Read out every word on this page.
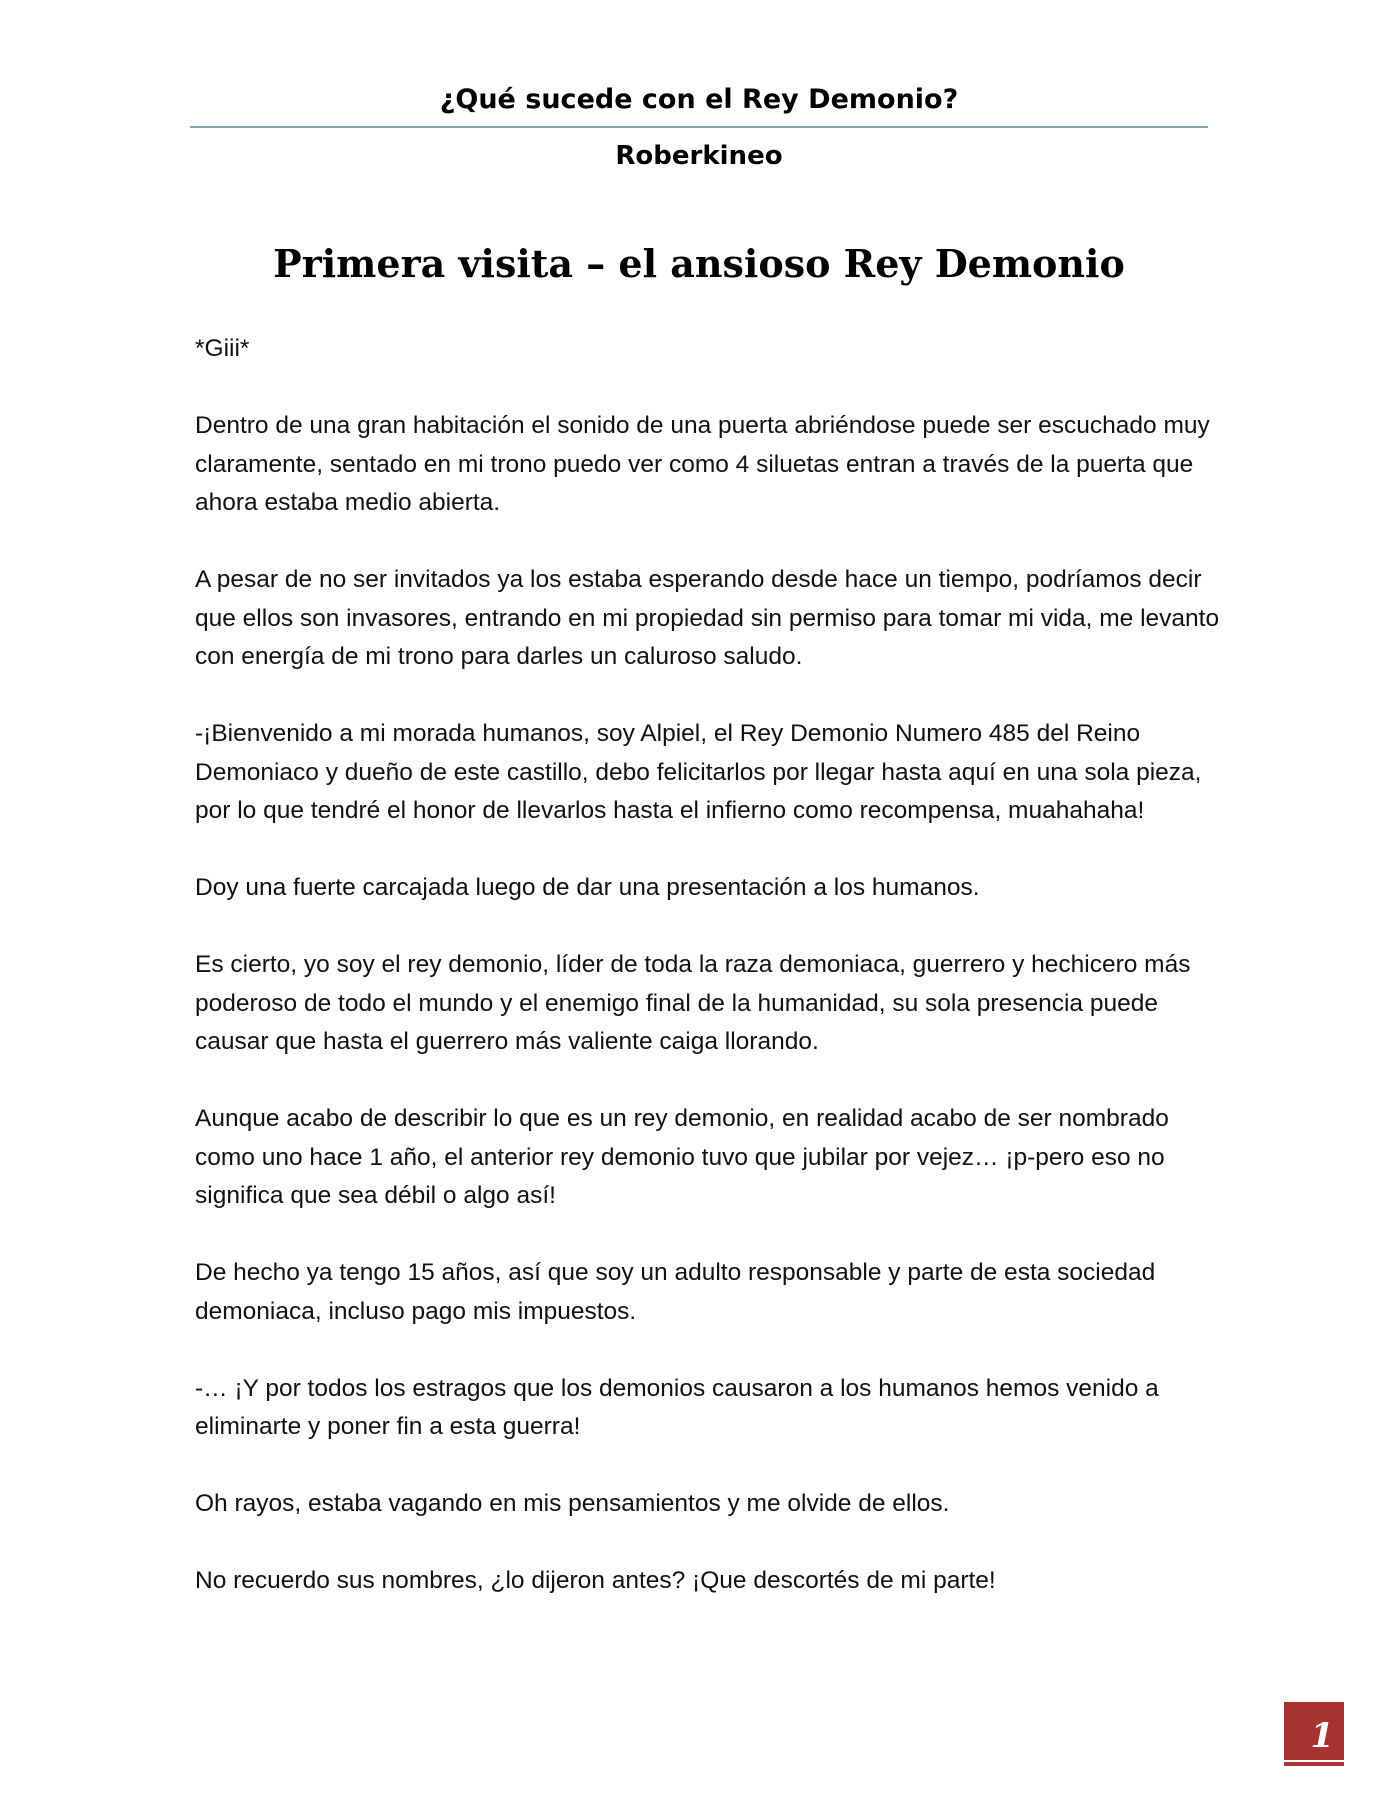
¿Qué sucede con el Rey Demonio?
Roberkineo
Primera visita – el ansioso Rey Demonio

*Giii*

Dentro de una gran habitación el sonido de una puerta abriéndose puede ser escuchado muy claramente, sentado en mi trono puedo ver como 4 siluetas entran a través de la puerta que ahora estaba medio abierta.

A pesar de no ser invitados ya los estaba esperando desde hace un tiempo, podríamos decir que ellos son invasores, entrando en mi propiedad sin permiso para tomar mi vida, me levanto con energía de mi trono para darles un caluroso saludo.

-¡Bienvenido a mi morada humanos, soy Alpiel, el Rey Demonio Numero 485 del Reino Demoniaco y dueño de este castillo, debo felicitarlos por llegar hasta aquí en una sola pieza, por lo que tendré el honor de llevarlos hasta el infierno como recompensa, muahahaha!

Doy una fuerte carcajada luego de dar una presentación a los humanos.

Es cierto, yo soy el rey demonio, líder de toda la raza demoniaca, guerrero y hechicero más poderoso de todo el mundo y el enemigo final de la humanidad, su sola presencia puede causar que hasta el guerrero más valiente caiga llorando.

Aunque acabo de describir lo que es un rey demonio, en realidad acabo de ser nombrado como uno hace 1 año, el anterior rey demonio tuvo que jubilar por vejez… ¡p-pero eso no significa que sea débil o algo así!

De hecho ya tengo 15 años, así que soy un adulto responsable y parte de esta sociedad demoniaca, incluso pago mis impuestos.

-… ¡Y por todos los estragos que los demonios causaron a los humanos hemos venido a eliminarte y poner fin a esta guerra!

Oh rayos, estaba vagando en mis pensamientos y me olvide de ellos.

No recuerdo sus nombres, ¿lo dijeron antes? ¡Que descortés de mi parte!

1
